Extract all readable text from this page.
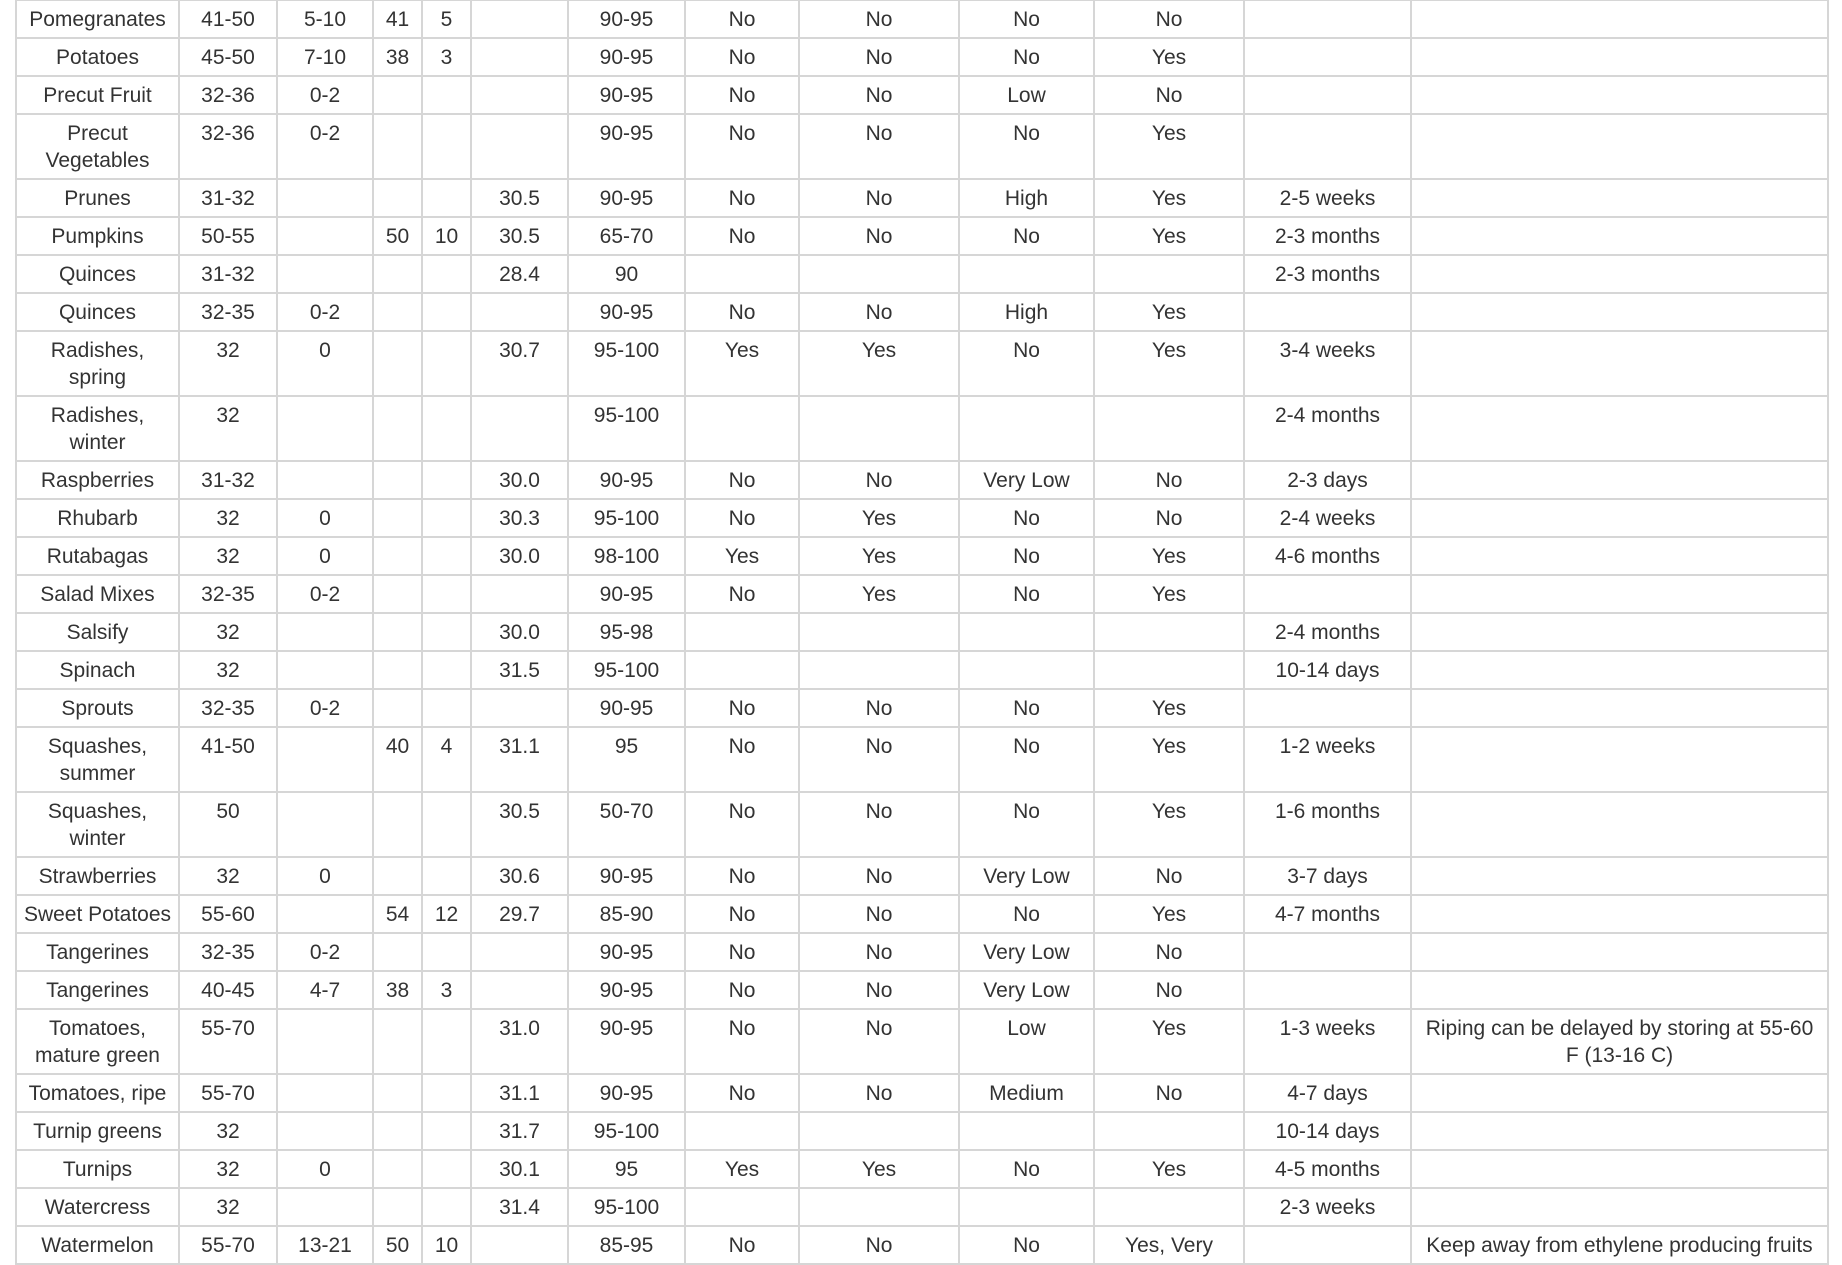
Pomegranates	41-50	5-10	41	5		90-95	No	No	No	No		
Potatoes	45-50	7-10	38	3		90-95	No	No	No	Yes		
Precut Fruit	32-36	0-2				90-95	No	No	Low	No		
Precut Vegetables	32-36	0-2				90-95	No	No	No	Yes		
Prunes	31-32				30.5	90-95	No	No	High	Yes	2-5 weeks	
Pumpkins	50-55		50	10	30.5	65-70	No	No	No	Yes	2-3 months	
Quinces	31-32				28.4	90					2-3 months	
Quinces	32-35	0-2				90-95	No	No	High	Yes		
Radishes, spring	32	0			30.7	95-100	Yes	Yes	No	Yes	3-4 weeks	
Radishes, winter	32					95-100					2-4 months	
Raspberries	31-32				30.0	90-95	No	No	Very Low	No	2-3 days	
Rhubarb	32	0			30.3	95-100	No	Yes	No	No	2-4 weeks	
Rutabagas	32	0			30.0	98-100	Yes	Yes	No	Yes	4-6 months	
Salad Mixes	32-35	0-2				90-95	No	Yes	No	Yes		
Salsify	32				30.0	95-98					2-4 months	
Spinach	32				31.5	95-100					10-14 days	
Sprouts	32-35	0-2				90-95	No	No	No	Yes		
Squashes, summer	41-50		40	4	31.1	95	No	No	No	Yes	1-2 weeks	
Squashes, winter	50				30.5	50-70	No	No	No	Yes	1-6 months	
Strawberries	32	0			30.6	90-95	No	No	Very Low	No	3-7 days	
Sweet Potatoes	55-60		54	12	29.7	85-90	No	No	No	Yes	4-7 months	
Tangerines	32-35	0-2				90-95	No	No	Very Low	No		
Tangerines	40-45	4-7	38	3		90-95	No	No	Very Low	No		
Tomatoes, mature green	55-70				31.0	90-95	No	No	Low	Yes	1-3 weeks	Riping can be delayed by storing at 55-60 F (13-16 C)
Tomatoes, ripe	55-70				31.1	90-95	No	No	Medium	No	4-7 days	
Turnip greens	32				31.7	95-100					10-14 days	
Turnips	32	0			30.1	95	Yes	Yes	No	Yes	4-5 months	
Watercress	32				31.4	95-100					2-3 weeks	
Watermelon	55-70	13-21	50	10		85-95	No	No	No	Yes, Very		Keep away from ethylene producing fruits
